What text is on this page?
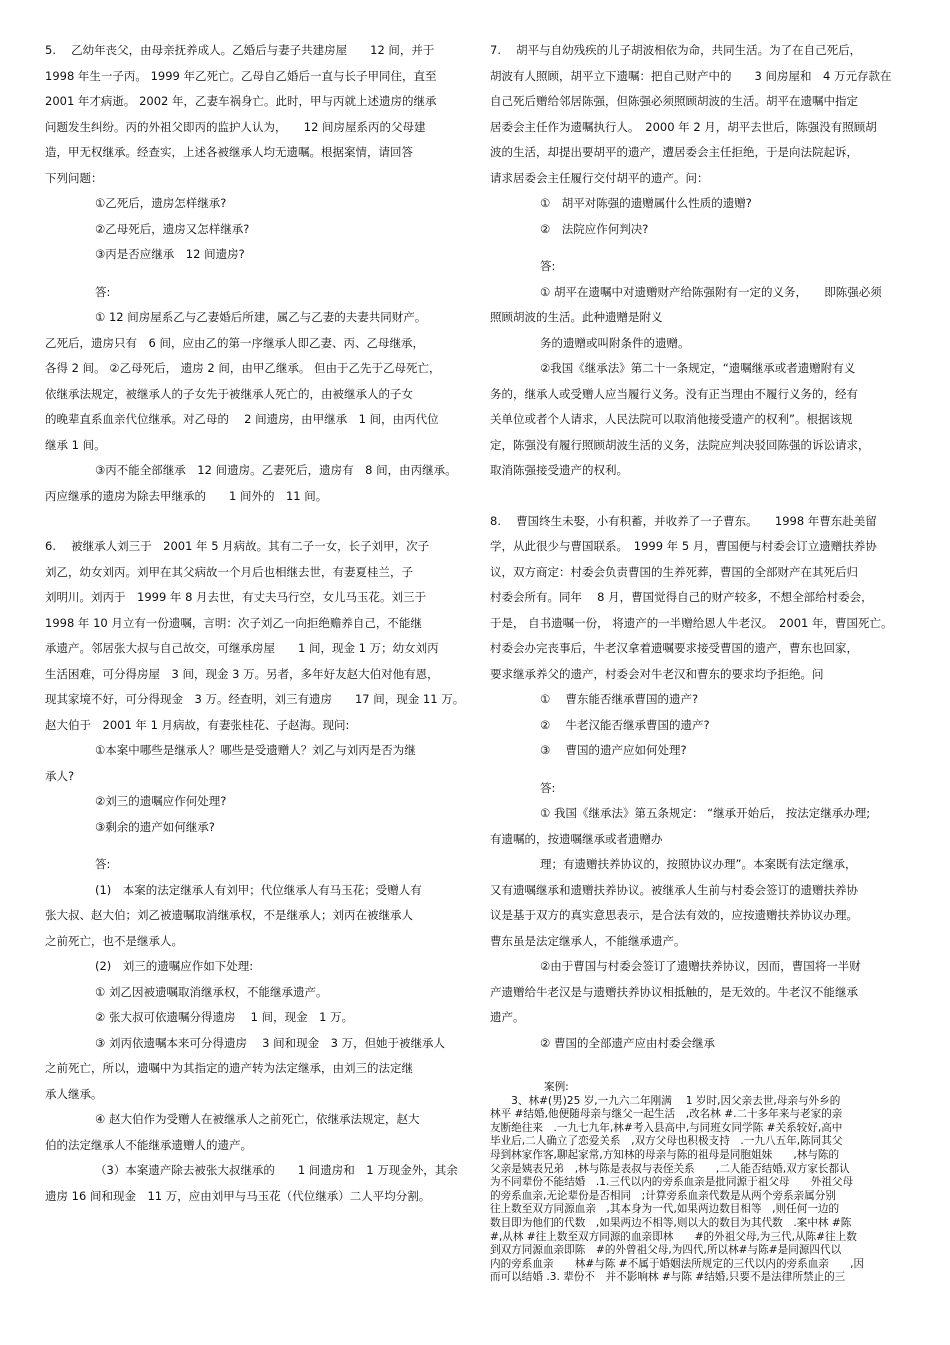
5.　 乙幼年丧父，由母亲抚养成人。乙婚后与妻子共建房屋　　12 间，并于
1998 年生一子丙。 1999 年乙死亡。乙母自乙婚后一直与长子甲同住，直至
2001 年才病逝。 2002 年，乙妻车祸身亡。此时，甲与丙就上述遗房的继承
问题发生纠纷。丙的外祖父即丙的监护人认为，　　12 间房屋系丙的父母建
造，甲无权继承。经查实，上述各被继承人均无遗嘱。根据案情，请回答
下列问题：
①乙死后，遗房怎样继承?
②乙母死后，遗房又怎样继承?
③丙是否应继承　12 间遗房?
答:
① 12 间房屋系乙与乙妻婚后所建，属乙与乙妻的夫妻共同财产。
乙死后，遗房只有　6 间，应由乙的第一序继承人即乙妻、丙、乙母继承，
各得 2 间。 ②乙母死后， 遗房 2 间，由甲乙继承。 但由于乙先于乙母死亡，
依继承法规定，被继承人的子女先于被继承人死亡的，由被继承人的子女
的晚辈直系血亲代位继承。对乙母的　 2 间遗房，由甲继承　1 间，由丙代位
继承 1 间。
③丙不能全部继承　12 间遗房。乙妻死后，遗房有　8 间，由丙继承。
丙应继承的遗房为除去甲继承的　　1 间外的　11 间。
6.　 被继承人刘三于　2001 年 5 月病故。其有二子一女，长子刘甲，次子
刘乙，幼女刘丙。刘甲在其父病故一个月后也相继去世，有妻夏桂兰，子
刘明川。刘丙于　1999 年 8 月去世，有丈夫马行空，女儿马玉花。刘三于
1998 年 10 月立有一份遗嘱，言明：次子刘乙一向拒绝赡养自己，不能继
承遗产。邻居张大叔与自己故交，可继承房屋　　1 间，现金 1 万；幼女刘丙
生活困难，可分得房屋　3 间，现金 3 万。另者，多年好友赵大伯对他有恩，
现其家境不好，可分得现金　3 万。经查明，刘三有遗房　　17 间，现金 11 万。
赵大伯于　2001 年 1 月病故，有妻张桂花、子赵海。现问:
①本案中哪些是继承人？哪些是受遗赠人？刘乙与刘丙是否为继
承人?
②刘三的遗嘱应作何处理?
③剩余的遗产如何继承?
答:
(1)　本案的法定继承人有刘甲；代位继承人有马玉花；受赠人有
张大叔、赵大伯；刘乙被遗嘱取消继承权，不是继承人；刘丙在被继承人
之前死亡，也不是继承人。
(2)　刘三的遗嘱应作如下处理:
① 刘乙因被遗嘱取消继承权，不能继承遗产。
② 张大叔可依遗嘱分得遗房　 1 间，现金　1 万。
③ 刘丙依遗嘱本来可分得遗房　 3 间和现金　3 万，但她于被继承人
之前死亡，所以，遗嘱中为其指定的遗产转为法定继承，由刘三的法定继
承人继承。
④ 赵大伯作为受赠人在被继承人之前死亡，依继承法规定，赵大
伯的法定继承人不能继承遗赠人的遗产。
（3）本案遗产除去被张大叔继承的　　1 间遗房和　1 万现金外，其余
遗房 16 间和现金　11 万，应由刘甲与马玉花（代位继承）二人平均分割。
7.　 胡平与自幼残疾的儿子胡波相依为命，共同生活。为了在自己死后，
胡波有人照顾，胡平立下遗嘱：把自己财产中的　　3 间房屋和　4 万元存款在
自己死后赠给邻居陈强，但陈强必须照顾胡波的生活。胡平在遗嘱中指定
居委会主任作为遗嘱执行人。　2000 年 2 月，胡平去世后，陈强没有照顾胡
波的生活，却提出要胡平的遗产，遭居委会主任拒绝，于是向法院起诉，
请求居委会主任履行交付胡平的遗产。问：
①　胡平对陈强的遗赠属什么性质的遗赠?
②　法院应作何判决?
答:
① 胡平在遗嘱中对遗赠财产给陈强附有一定的义务，　　即陈强必须
照顾胡波的生活。此种遗赠是附义
务的遗赠或叫附条件的遗赠。
②我国《继承法》第二十一条规定，“遗嘱继承或者遗赠附有义
务的，继承人或受赠人应当履行义务。没有正当理由不履行义务的，经有
关单位或者个人请求，人民法院可以取消他接受遗产的权利”。根据该规
定，陈强没有履行照顾胡波生活的义务，法院应判决驳回陈强的诉讼请求，
取消陈强接受遗产的权利。
8.　 曹国终生未娶，小有积蓄，并收养了一子曹东。　　1998 年曹东赴美留
学，从此很少与曹国联系。　1999 年 5 月，曹国便与村委会订立遗赠扶养协
议，双方商定：村委会负责曹国的生养死葬，曹国的全部财产在其死后归
村委会所有。同年　 8 月，曹国觉得自己的财产较多，不想全部给村委会，
于是， 自书遗嘱一份， 将遗产的一半赠给恩人牛老汉。　2001 年，曹国死亡。
村委会办完丧事后，牛老汉拿着遗嘱要求接受曹国的遗产，曹东也回家，
要求继承养父的遗产，村委会对牛老汉和曹东的要求均予拒绝。问
①　 曹东能否继承曹国的遗产?
②　 牛老汉能否继承曹国的遗产?
③　 曹国的遗产应如何处理?
答:
① 我国《继承法》第五条规定： “继承开始后， 按法定继承办理;
有遗嘱的，按遗嘱继承或者遗赠办
理；有遗赠扶养协议的，按照协议办理”。本案既有法定继承，
又有遗嘱继承和遗赠扶养协议。被继承人生前与村委会签订的遗赠扶养协
议是基于双方的真实意思表示，是合法有效的，应按遗赠扶养协议办理。
曹东虽是法定继承人，不能继承遗产。
②由于曹国与村委会签订了遗赠扶养协议，因而，曹国将一半财
产遗赠给牛老汉是与遗赠扶养协议相抵触的，是无效的。牛老汉不能继承
遗产。
② 曹国的全部遗产应由村委会继承
案例:
　　3、林#(男)25 岁,一九六二年刚满　 1 岁时,因父亲去世,母亲与外乡的
林平 #结婚,他便随母亲与继父一起生活　,改名林 #.二十多年来与老家的亲
友断绝往来　.一九七九年,林#考入县高中,与同班女同学陈 #关系较好,高中
毕业后,二人确立了恋爱关系　,双方父母也积极支持　.一九八五年,陈同其父
母到林家作客,聊起家常,方知林的母亲与陈的祖母是同胞姐妹　　,林与陈的
父亲是姨表兄弟　,林与陈是表叔与表侄关系　　,二人能否结婚,双方家长都认
为不同辈份不能结婚　.1.三代以内的旁系血亲是批同源于祖父母　　外祖父母
的旁系血亲,无论辈份是否相同　;计算旁系血亲代数是从两个旁系亲属分别
往上数至双方同源血亲　,其本身为一代,如果两边数目相等　,则任何一边的
数目即为他们的代数　,如果两边不相等,则以大的数目为其代数　.案中林 #陈
#,从林 #往上数至双方同源的血亲即林　　#的外祖父母,为三代,从陈#往上数
到双方同源血亲即陈　#的外曾祖父母,为四代,所以林#与陈#是同源四代以
内的旁系血亲　　林#与陈 #不属于婚姻法所规定的三代以内的旁系血亲　　,因
而可以结婚 .3. 辈份不　并不影响林 #与陈 #结婚,只要不是法律所禁止的三
